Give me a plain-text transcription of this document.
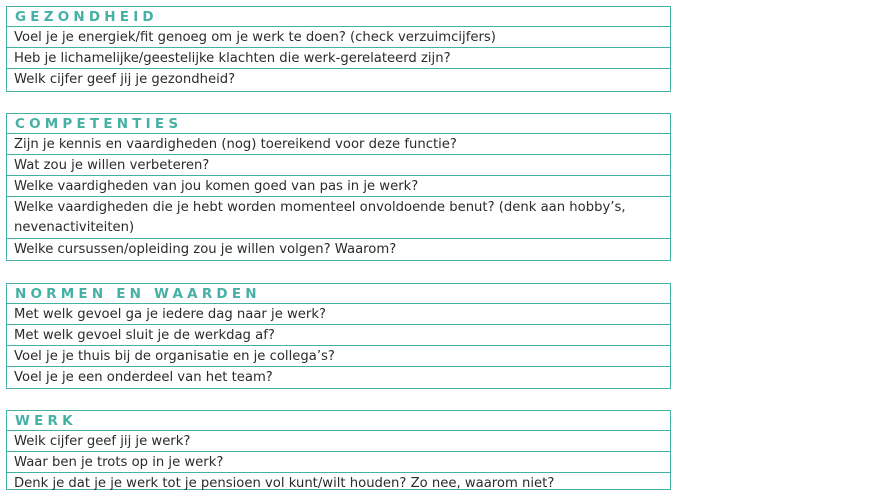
GEZONDHEID
Voel je je energiek/fit genoeg om je werk te doen? (check verzuimcijfers)
Heb je lichamelijke/geestelijke klachten die werk-gerelateerd zijn?
Welk cijfer geef jij je gezondheid?
COMPETENTIES
Zijn je kennis en vaardigheden (nog) toereikend voor deze functie?
Wat zou je willen verbeteren?
Welke vaardigheden van jou komen goed van pas in je werk?
Welke vaardigheden die je hebt worden momenteel onvoldoende benut? (denk aan hobby’s, nevenactiviteiten)
Welke cursussen/opleiding zou je willen volgen? Waarom?
NORMEN EN WAARDEN
Met welk gevoel ga je iedere dag naar je werk?
Met welk gevoel sluit je de werkdag af?
Voel je je thuis bij de organisatie en je collega’s?
Voel je je een onderdeel van het team?
WERK
Welk cijfer geef jij je werk?
Waar ben je trots op in je werk?
Denk je dat je je werk tot je pensioen vol kunt/wilt houden? Zo nee, waarom niet?
